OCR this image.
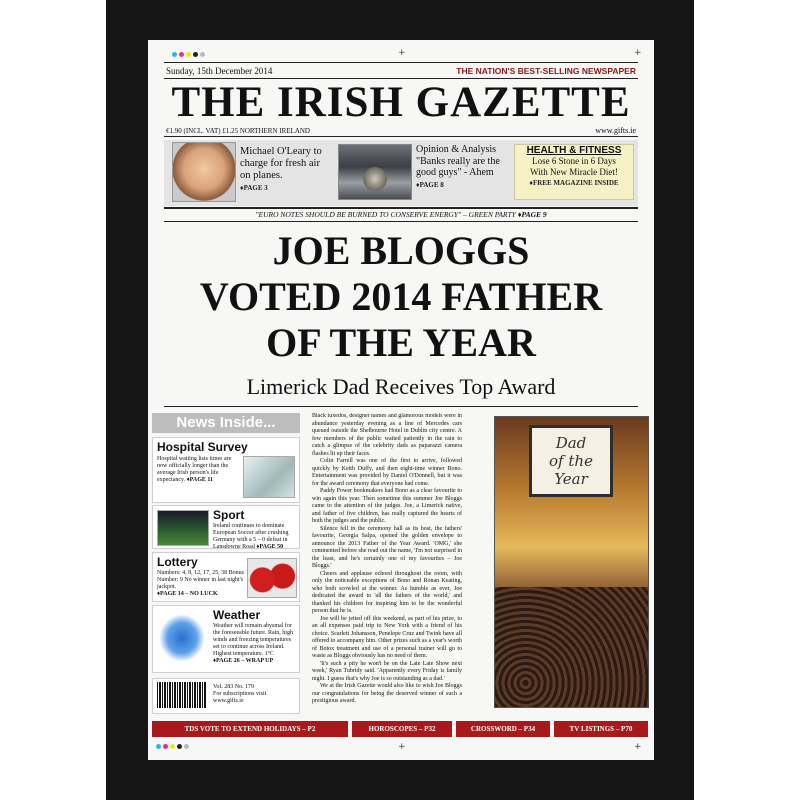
+	+
Sunday, 15th December 2014	THE NATION'S BEST-SELLING NEWSPAPER
THE IRISH GAZETTE
€1.90 (INCL. VAT) £1.25 NORTHERN IRELAND	www.gifts.ie
Michael O'Leary to charge for fresh air on planes.
♦PAGE 3
Opinion & Analysis
"Banks really are the good guys" - Ahem
♦PAGE 8
HEALTH & FITNESS
Lose 6 Stone in 6 Days
With New Miracle Diet!
♦FREE MAGAZINE INSIDE
"EURO NOTES SHOULD BE BURNED TO CONSERVE ENERGY" – GREEN PARTY ♦PAGE 9
JOE BLOGGS
VOTED 2014 FATHER
OF THE YEAR
Limerick Dad Receives Top Award
News Inside...
Hospital Survey
Hospital waiting lists times are now officially longer than the average Irish person's life expectancy. ♦PAGE 11
Sport
Ireland continues to dominate European Soccer after crushing Germany with a 5 – 0 defeat in Lansdowne Road ♦PAGE 50
Lottery
Numbers: 4, 8, 12, 17, 25, 38 Bonus Number: 9 No winner in last night's jackpot.
♦PAGE 14 – NO LUCK
Weather
Weather will remain abysmal for the foreseeable future. Rain, high winds and freezing temperatures set to continue across Ireland. Highest temperature. 1ºC
♦PAGE 26 – WRAP UP
Vol. 283 No. 179
For subscriptions visit
www.gifts.ie
Black tuxedos, designer names and glamorous models were in abundance yesterday evening as a line of Mercedes cars queued outside the Shelbourne Hotel in Dublin city centre. A few members of the public waited patiently in the rain to catch a glimpse of the celebrity dads as paparazzi camera flashes lit up their faces.
Colin Farrell was one of the first to arrive, followed quickly by Keith Duffy, and then eight-time winner Bono. Entertainment was provided by Daniel O'Donnell, but it was for the award ceremony that everyone had come.
Paddy Power bookmakers had Bono as a clear favourite to win again this year. Then sometime this summer Joe Bloggs came to the attention of the judges. Joe, a Limerick native, and father of five children, has really captured the hearts of both the judges and the public.
Silence fell in the ceremony hall as its host, the fathers' favourite, Georgia Salpa, opened the golden envelope to announce the 2013 Father of the Year Award. 'OMG,' she commented before she read out the name, 'I'm not surprised in the least, and he's certainly one of my favourites – Joe Bloggs.'
Cheers and applause echoed throughout the room, with only the noticeable exceptions of Bono and Ronan Keating, who both scowled at the winner. As humble as ever, Joe dedicated the award to 'all the fathers of the world,' and thanked his children for inspiring him to be the wonderful person that he is.
Joe will be jetted off this weekend, as part of his prize, to an all expenses paid trip to New York with a friend of his choice. Scarlett Johansson, Penelope Cruz and Twink have all offered to accompany him. Other prizes such as a year's worth of Botox treatment and use of a personal trainer will go to waste as Bloggs obviously has no need of them.
'It's such a pity he won't be on the Late Late Show next week,' Ryan Tubridy said. 'Apparently every Friday is family night. I guess that's why Joe is so outstanding as a dad.'
We at the Irish Gazette would also like to wish Joe Bloggs our congratulations for being the deserved winner of such a prestigious award.
Dad
of the
Year
TDS VOTE TO EXTEND HOLIDAYS – P2	HOROSCOPES – P32	CROSSWORD – P34	TV LISTINGS – P70
+	+
